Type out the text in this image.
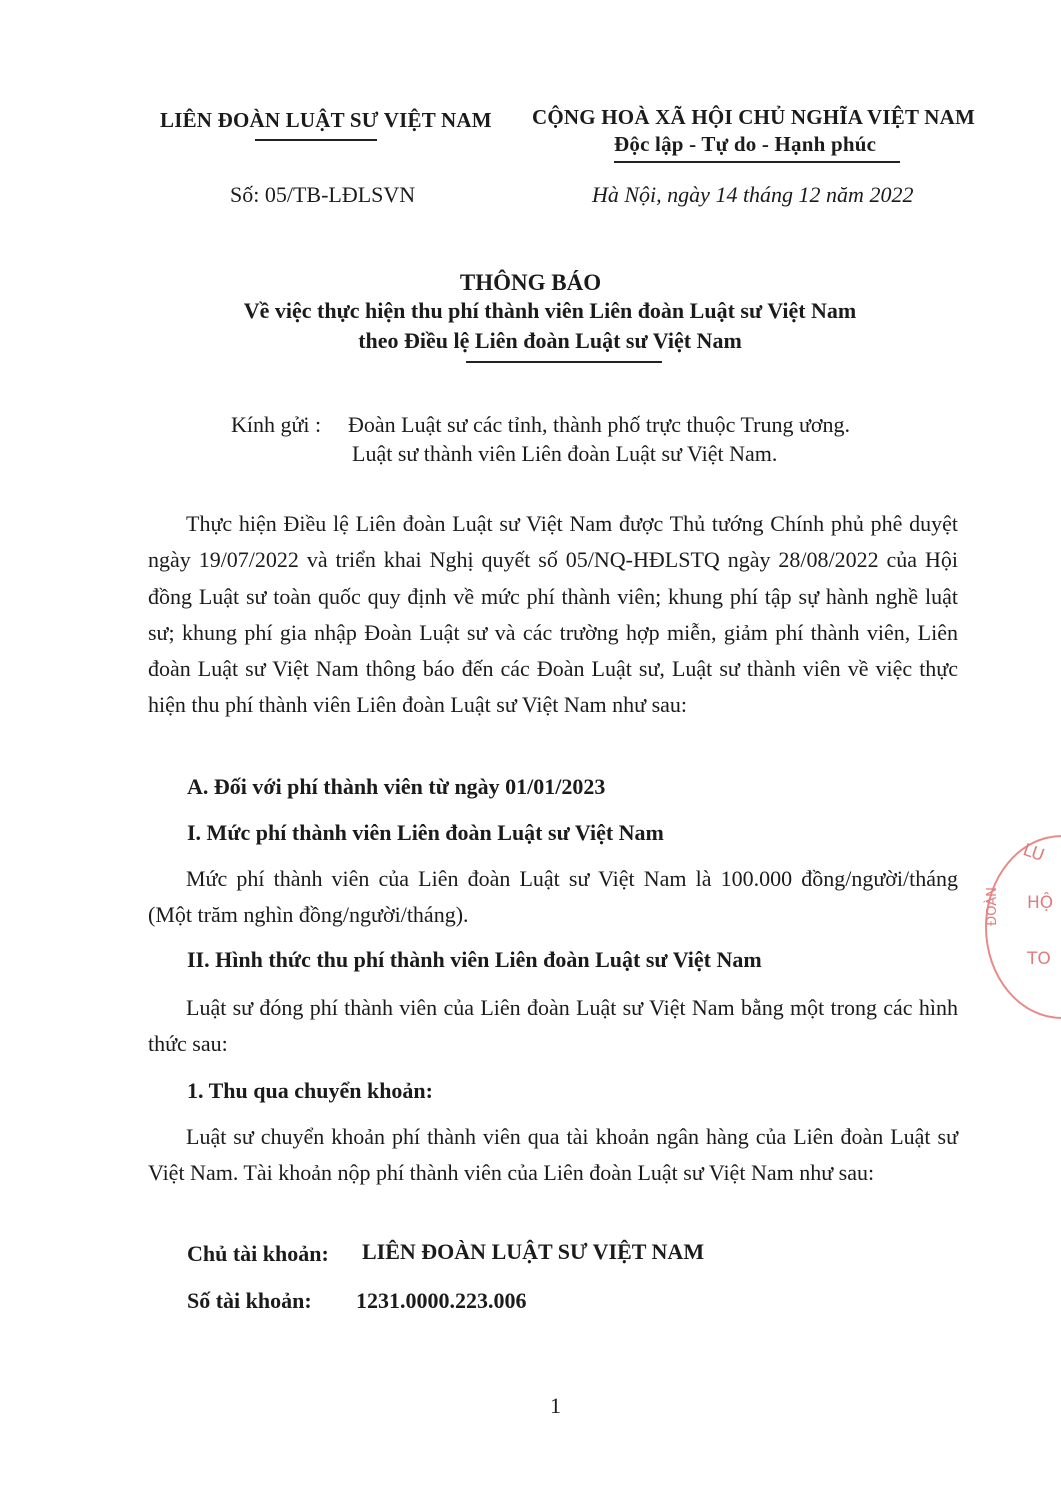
LIÊN ĐOÀN LUẬT SƯ VIỆT NAM CỘNG HOÀ XÃ HỘI CHỦ NGHĨA VIỆT NAM
Độc lập - Tự do - Hạnh phúc
Số: 05/TB-LĐLSVN	Hà Nội, ngày 14 tháng 12 năm 2022
THÔNG BÁO
Về việc thực hiện thu phí thành viên Liên đoàn Luật sư Việt Nam
theo Điều lệ Liên đoàn Luật sư Việt Nam
Kính gửi : Đoàn Luật sư các tỉnh, thành phố trực thuộc Trung ương.
Luật sư thành viên Liên đoàn Luật sư Việt Nam.
Thực hiện Điều lệ Liên đoàn Luật sư Việt Nam được Thủ tướng Chính phủ phê duyệt ngày 19/07/2022 và triển khai Nghị quyết số 05/NQ-HĐLSTQ ngày 28/08/2022 của Hội đồng Luật sư toàn quốc quy định về mức phí thành viên; khung phí tập sự hành nghề luật sư; khung phí gia nhập Đoàn Luật sư và các trường hợp miễn, giảm phí thành viên, Liên đoàn Luật sư Việt Nam thông báo đến các Đoàn Luật sư, Luật sư thành viên về việc thực hiện thu phí thành viên Liên đoàn Luật sư Việt Nam như sau:
A. Đối với phí thành viên từ ngày 01/01/2023
I. Mức phí thành viên Liên đoàn Luật sư Việt Nam
Mức phí thành viên của Liên đoàn Luật sư Việt Nam là 100.000 đồng/người/tháng (Một trăm nghìn đồng/người/tháng).
II. Hình thức thu phí thành viên Liên đoàn Luật sư Việt Nam
Luật sư đóng phí thành viên của Liên đoàn Luật sư Việt Nam bằng một trong các hình thức sau:
1. Thu qua chuyển khoản:
Luật sư chuyển khoản phí thành viên qua tài khoản ngân hàng của Liên đoàn Luật sư Việt Nam. Tài khoản nộp phí thành viên của Liên đoàn Luật sư Việt Nam như sau:
Chủ tài khoản: LIÊN ĐOÀN LUẬT SƯ VIỆT NAM
Số tài khoản: 1231.0000.223.006
1
LU
ĐOÀN HỘ
TO
